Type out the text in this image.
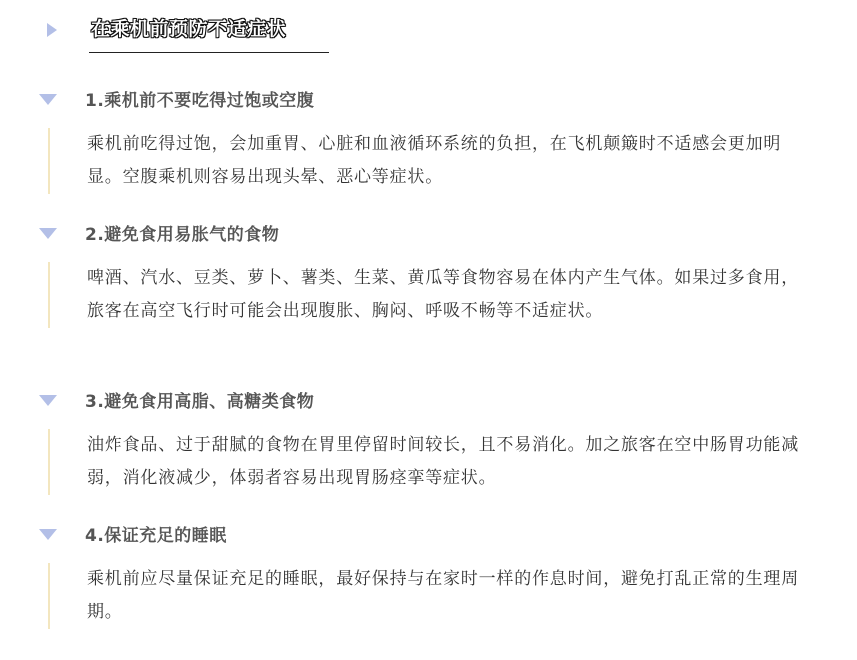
在乘机前预防不适症状
1.乘机前不要吃得过饱或空腹

乘机前吃得过饱，会加重胃、心脏和血液循环系统的负担，在飞机颠簸时不适感会更加明显。空腹乘机则容易出现头晕、恶心等症状。

2.避免食用易胀气的食物

啤酒、汽水、豆类、萝卜、薯类、生菜、黄瓜等食物容易在体内产生气体。如果过多食用，旅客在高空飞行时可能会出现腹胀、胸闷、呼吸不畅等不适症状。

3.避免食用高脂、高糖类食物

油炸食品、过于甜腻的食物在胃里停留时间较长，且不易消化。加之旅客在空中肠胃功能减弱，消化液减少，体弱者容易出现胃肠痉挛等症状。

4.保证充足的睡眠

乘机前应尽量保证充足的睡眠，最好保持与在家时一样的作息时间，避免打乱正常的生理周期。
